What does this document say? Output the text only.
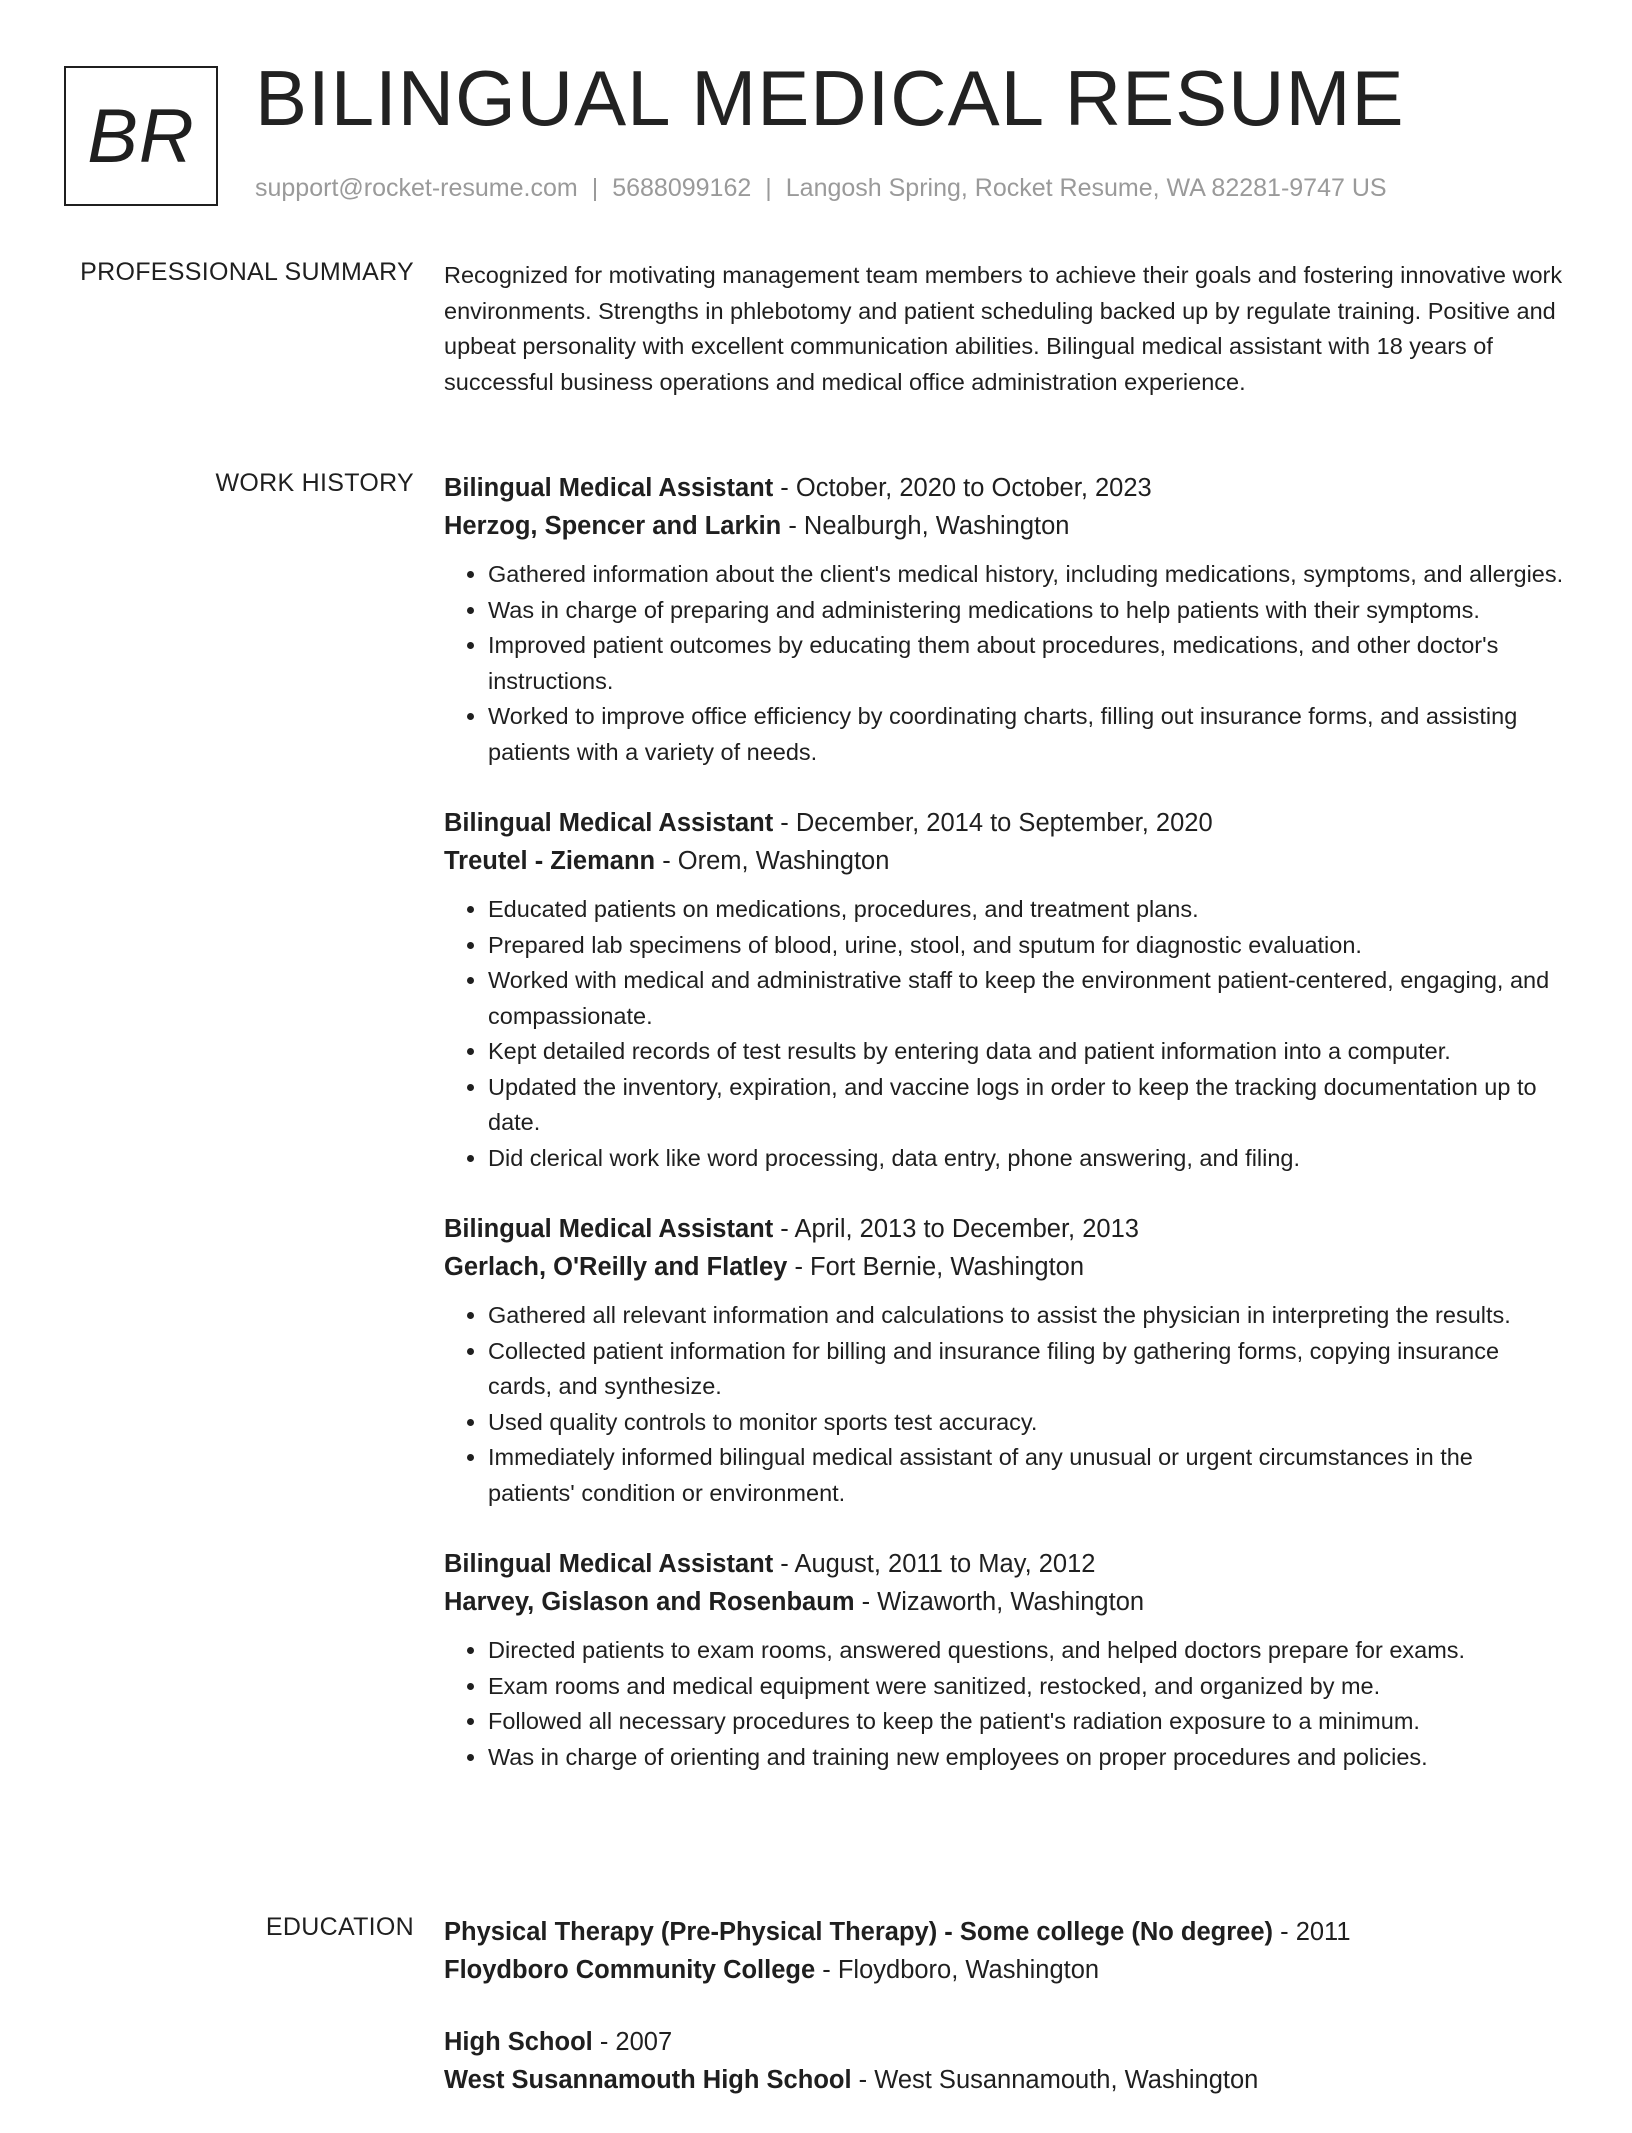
BR BILINGUAL MEDICAL RESUME
support@rocket-resume.com | 5688099162 | Langosh Spring, Rocket Resume, WA 82281-9747 US
PROFESSIONAL SUMMARY Recognized for motivating management team members to achieve their goals and fostering innovative work environments. Strengths in phlebotomy and patient scheduling backed up by regulate training. Positive and upbeat personality with excellent communication abilities. Bilingual medical assistant with 18 years of successful business operations and medical office administration experience.

WORK HISTORY Bilingual Medical Assistant - October, 2020 to October, 2023
Herzog, Spencer and Larkin - Nealburgh, Washington
• Gathered information about the client's medical history, including medications, symptoms, and allergies.
• Was in charge of preparing and administering medications to help patients with their symptoms.
• Improved patient outcomes by educating them about procedures, medications, and other doctor's instructions.
• Worked to improve office efficiency by coordinating charts, filling out insurance forms, and assisting patients with a variety of needs.
Bilingual Medical Assistant - December, 2014 to September, 2020
Treutel - Ziemann - Orem, Washington
• Educated patients on medications, procedures, and treatment plans.
• Prepared lab specimens of blood, urine, stool, and sputum for diagnostic evaluation.
• Worked with medical and administrative staff to keep the environment patient-centered, engaging, and compassionate.
• Kept detailed records of test results by entering data and patient information into a computer.
• Updated the inventory, expiration, and vaccine logs in order to keep the tracking documentation up to date.
• Did clerical work like word processing, data entry, phone answering, and filing.
Bilingual Medical Assistant - April, 2013 to December, 2013
Gerlach, O'Reilly and Flatley - Fort Bernie, Washington
• Gathered all relevant information and calculations to assist the physician in interpreting the results.
• Collected patient information for billing and insurance filing by gathering forms, copying insurance cards, and synthesize.
• Used quality controls to monitor sports test accuracy.
• Immediately informed bilingual medical assistant of any unusual or urgent circumstances in the patients' condition or environment.
Bilingual Medical Assistant - August, 2011 to May, 2012
Harvey, Gislason and Rosenbaum - Wizaworth, Washington
• Directed patients to exam rooms, answered questions, and helped doctors prepare for exams.
• Exam rooms and medical equipment were sanitized, restocked, and organized by me.
• Followed all necessary procedures to keep the patient's radiation exposure to a minimum.
• Was in charge of orienting and training new employees on proper procedures and policies.
EDUCATION Physical Therapy (Pre-Physical Therapy) - Some college (No degree) - 2011
Floydboro Community College - Floydboro, Washington
High School - 2007
West Susannamouth High School - West Susannamouth, Washington
